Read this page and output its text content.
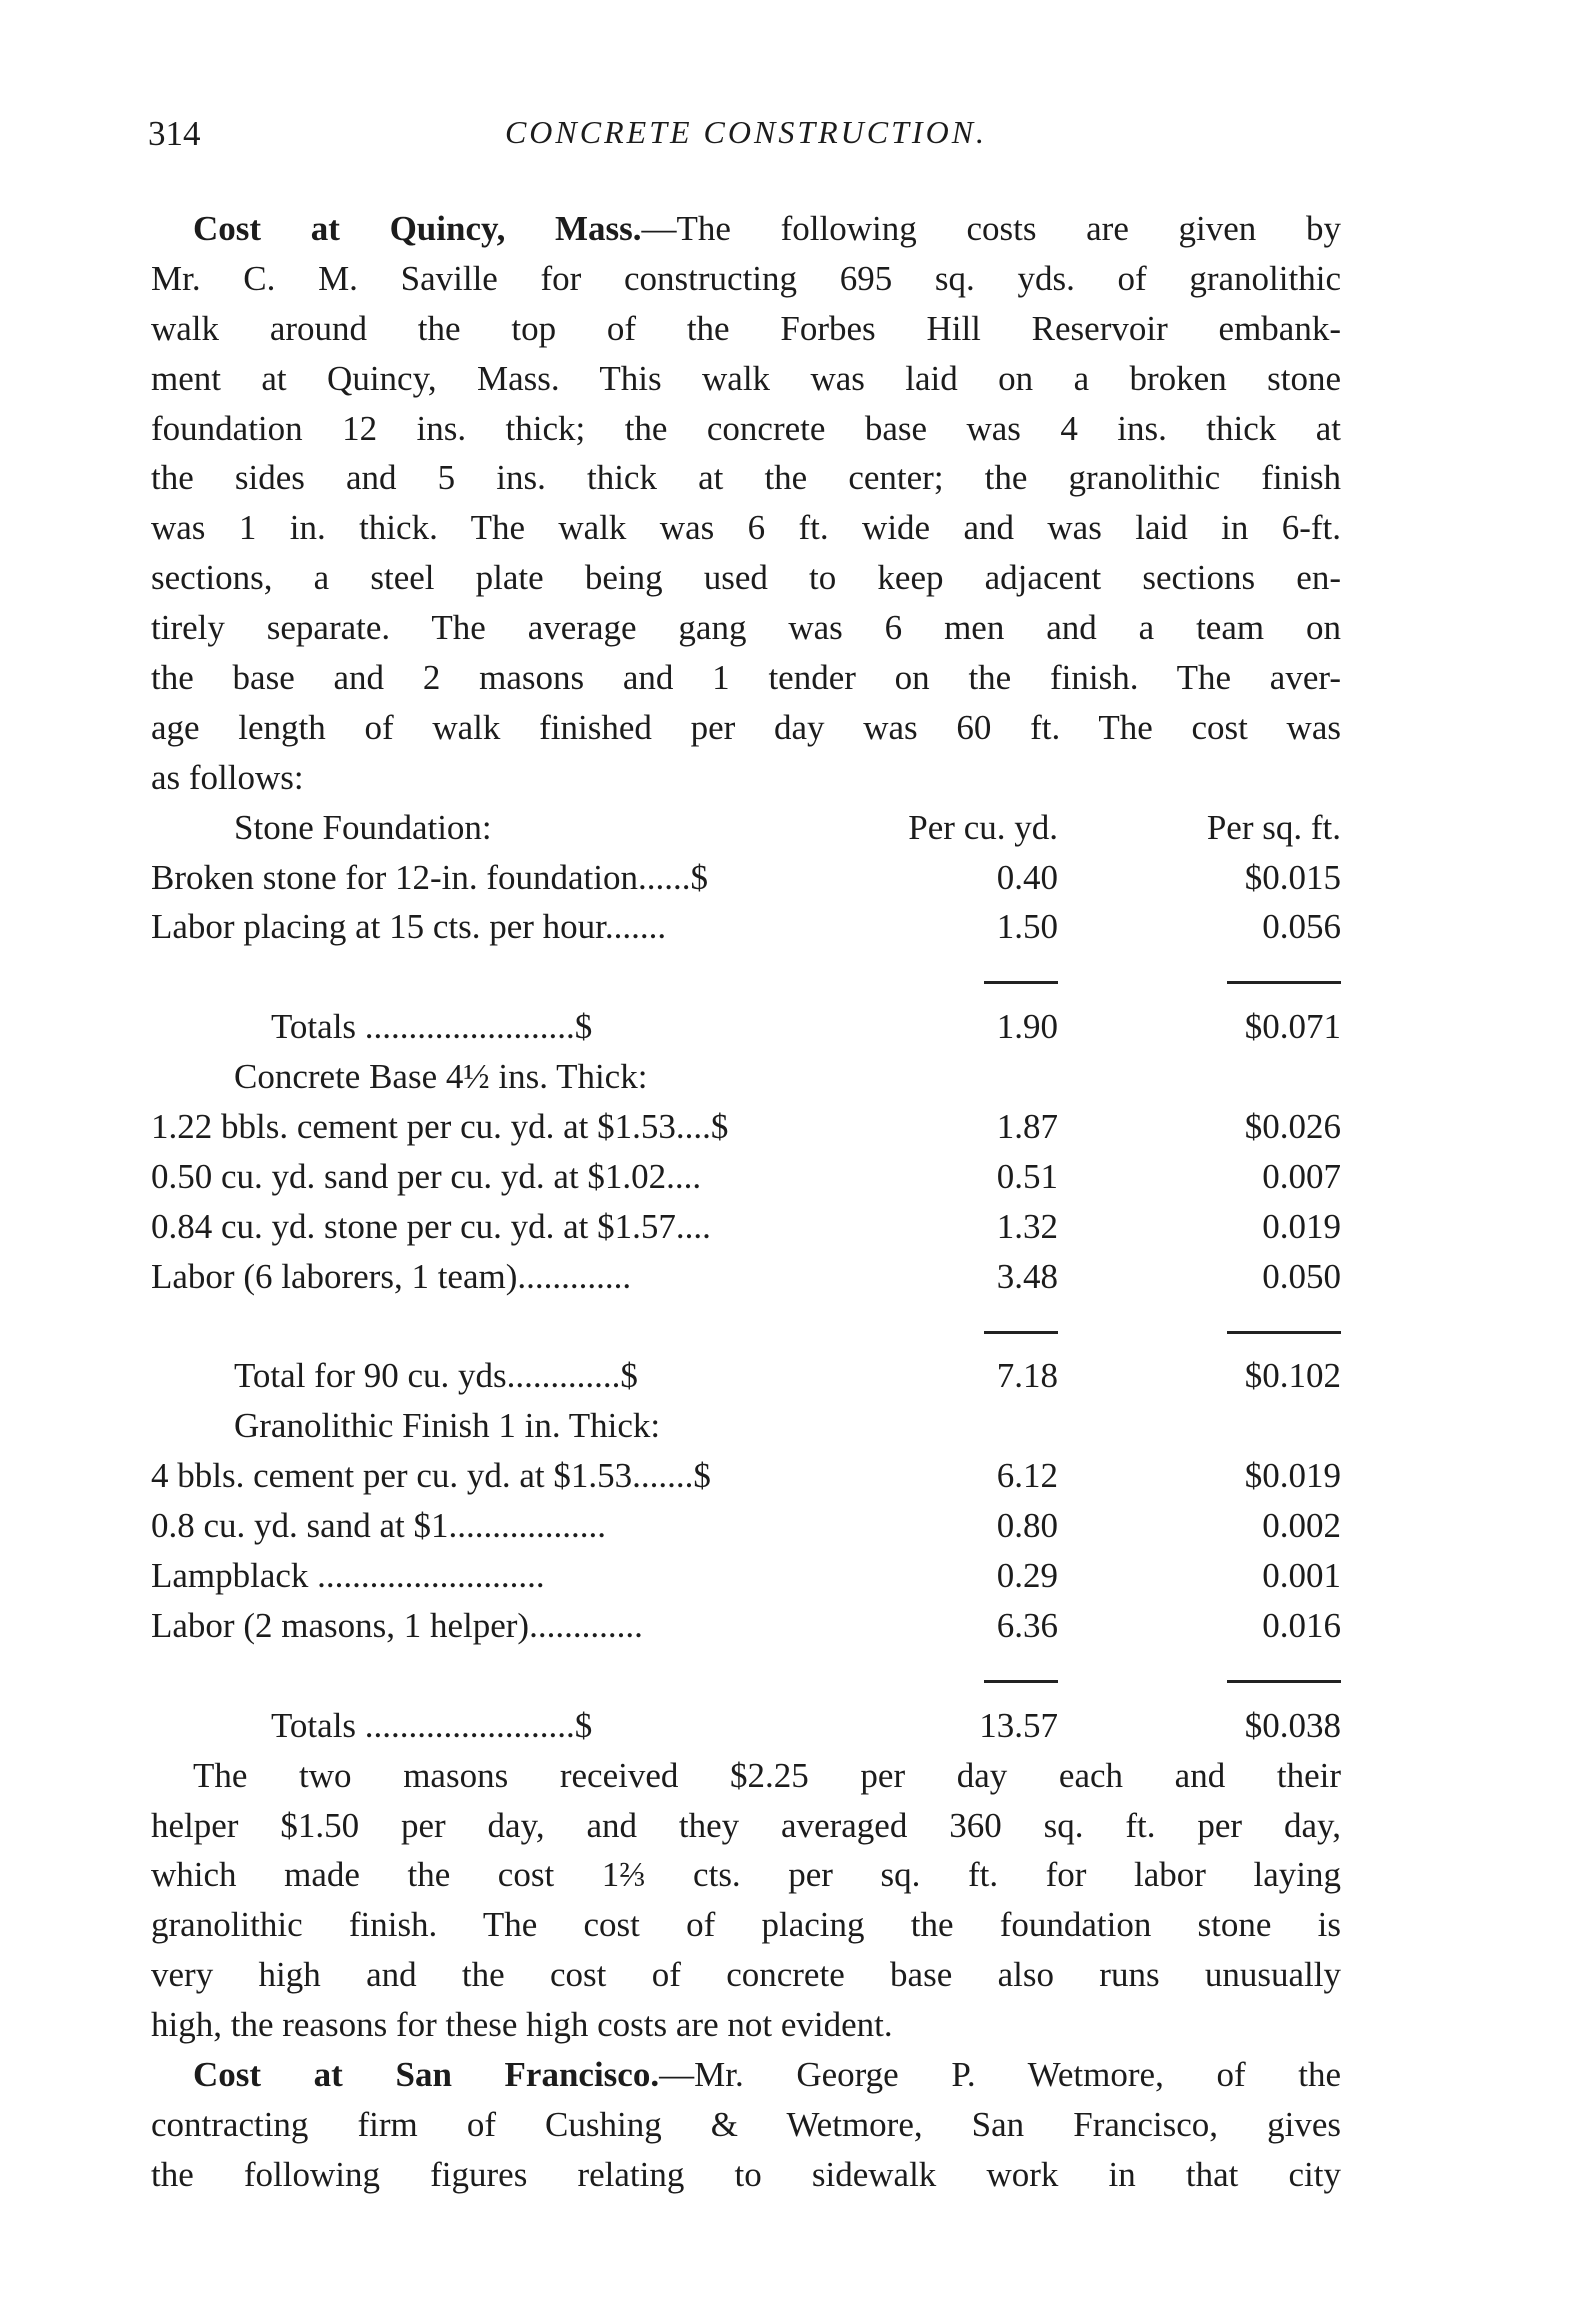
314	CONCRETE CONSTRUCTION.
Cost at Quincy, Mass.—The following costs are given by
Mr. C. M. Saville for constructing 695 sq. yds. of granolithic
walk around the top of the Forbes Hill Reservoir embank-
ment at Quincy, Mass. This walk was laid on a broken stone
foundation 12 ins. thick; the concrete base was 4 ins. thick at
the sides and 5 ins. thick at the center; the granolithic finish
was 1 in. thick. The walk was 6 ft. wide and was laid in 6-ft.
sections, a steel plate being used to keep adjacent sections en-
tirely separate. The average gang was 6 men and a team on
the base and 2 masons and 1 tender on the finish. The aver-
age length of walk finished per day was 60 ft. The cost was
as follows:
Stone Foundation:	Per cu. yd.	Per sq. ft.
Broken stone for 12-in. foundation......$	0.40	$0.015
Labor placing at 15 cts. per hour.......	1.50	0.056
Totals ........................$	1.90	$0.071
Concrete Base 4½ ins. Thick:
1.22 bbls. cement per cu. yd. at $1.53....$	1.87	$0.026
0.50 cu. yd. sand per cu. yd. at $1.02....	0.51	0.007
0.84 cu. yd. stone per cu. yd. at $1.57....	1.32	0.019
Labor (6 laborers, 1 team).............	3.48	0.050
Total for 90 cu. yds.............$	7.18	$0.102
Granolithic Finish 1 in. Thick:
4 bbls. cement per cu. yd. at $1.53.......$	6.12	$0.019
0.8 cu. yd. sand at $1..................	0.80	0.002
Lampblack ..........................	0.29	0.001
Labor (2 masons, 1 helper).............	6.36	0.016
Totals ........................$	13.57	$0.038
The two masons received $2.25 per day each and their
helper $1.50 per day, and they averaged 360 sq. ft. per day,
which made the cost 1⅔ cts. per sq. ft. for labor laying
granolithic finish. The cost of placing the foundation stone is
very high and the cost of concrete base also runs unusually
high, the reasons for these high costs are not evident.
Cost at San Francisco.—Mr. George P. Wetmore, of the
contracting firm of Cushing & Wetmore, San Francisco, gives
the following figures relating to sidewalk work in that city
